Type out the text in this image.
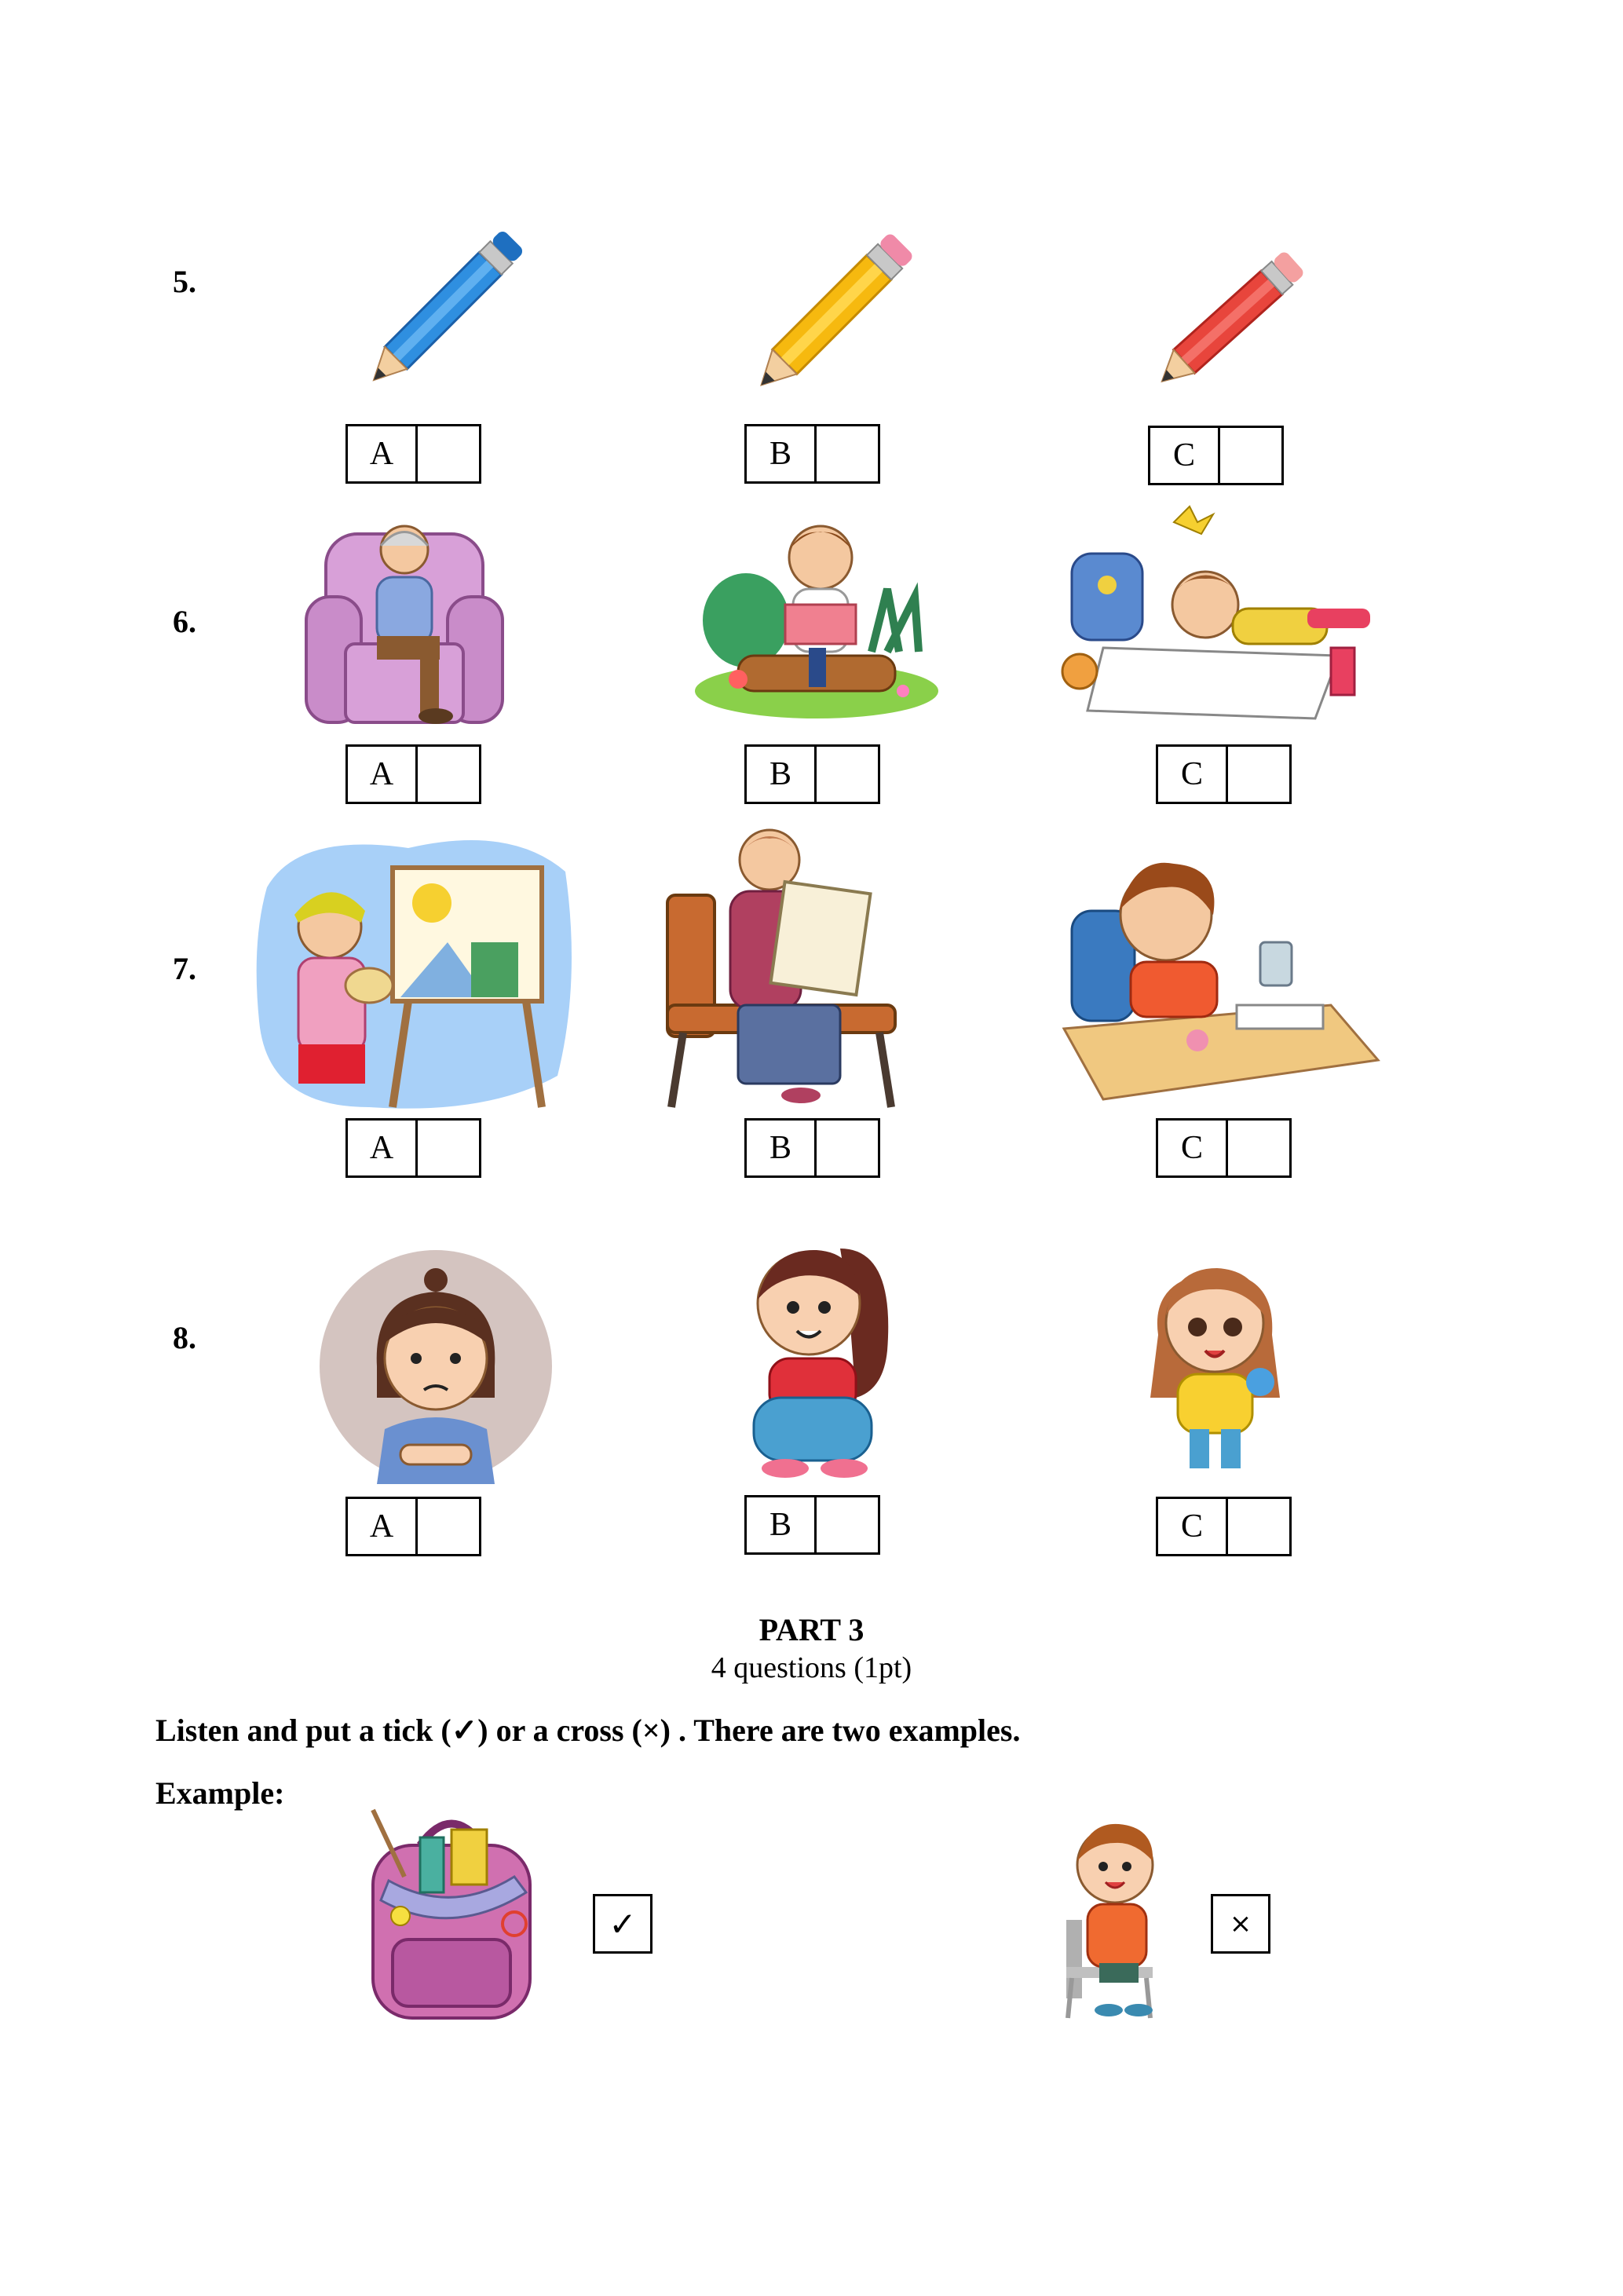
5.
A	B	C
6.
A	B	C
7.
A	B	C
8.
A	B	C
PART 3
4 questions (1pt)
Listen and put a tick (✓) or a cross (×) . There are two examples.
Example:
✓	×
